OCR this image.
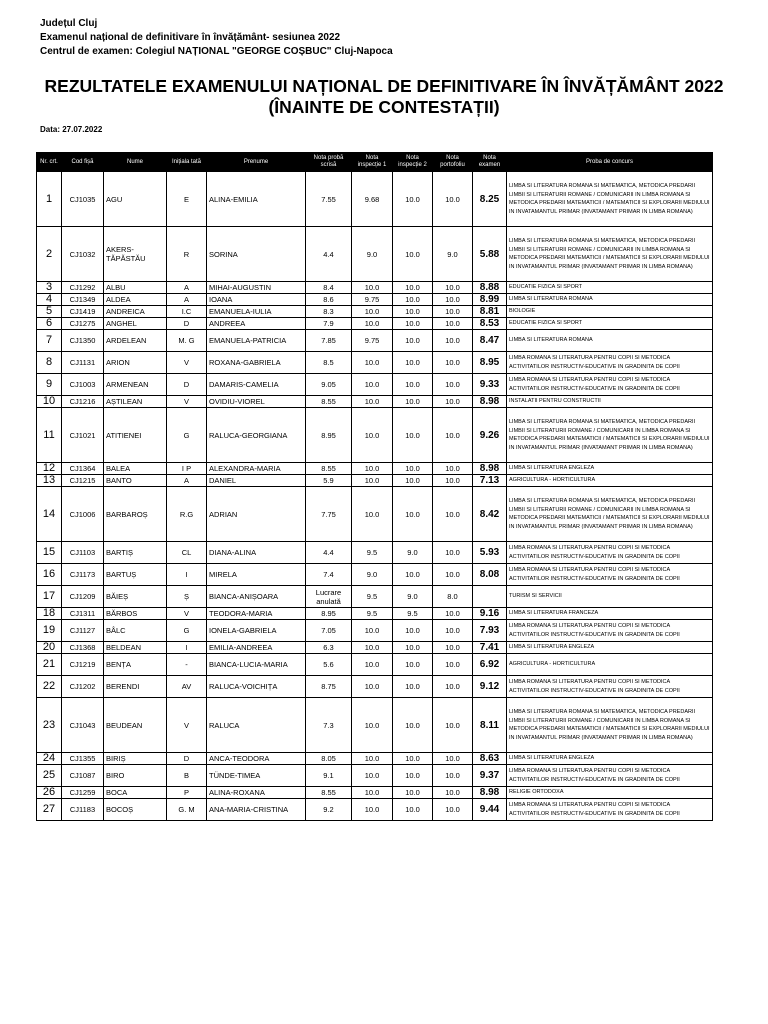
Județul Cluj
Examenul național de definitivare în învățământ- sesiunea 2022
Centrul de examen: Colegiul NAȚIONAL "GEORGE COȘBUC" Cluj-Napoca
REZULTATELE EXAMENULUI NAȚIONAL DE DEFINITIVARE ÎN ÎNVĂȚĂMÂNT 2022
(ÎNAINTE DE CONTESTAȚII)
Data: 27.07.2022
Nr. crt.	Cod fișă	Nume	Inițiala tată	Prenume	Nota probă scrisă	Nota inspecție 1	Nota inspecție 2	Nota portofoliu	Nota examen	Proba de concurs
1	CJ1035	AGU	E	ALINA-EMILIA	7.55	9.68	10.0	10.0	8.25	LIMBA SI LITERATURA ROMANA SI MATEMATICA, METODICA PREDARII LIMBII SI LITERATURII ROMANE / COMUNICARII IN LIMBA ROMANA SI METODICA PREDARII MATEMATICII / MATEMATICII SI EXPLORARII MEDIULUI IN INVATAMANTUL PRIMAR (INVATAMANT PRIMAR IN LIMBA ROMANA)
2	CJ1032	AKERS-TĂPĂSTĂU	R	SORINA	4.4	9.0	10.0	9.0	5.88	LIMBA SI LITERATURA ROMANA SI MATEMATICA, METODICA PREDARII LIMBII SI LITERATURII ROMANE / COMUNICARII IN LIMBA ROMANA SI METODICA PREDARII MATEMATICII / MATEMATICII SI EXPLORARII MEDIULUI IN INVATAMANTUL PRIMAR (INVATAMANT PRIMAR IN LIMBA ROMANA)
3	CJ1292	ALBU	A	MIHAI-AUGUSTIN	8.4	10.0	10.0	10.0	8.88	EDUCATIE FIZICA SI SPORT
4	CJ1349	ALDEA	A	IOANA	8.6	9.75	10.0	10.0	8.99	LIMBA SI LITERATURA ROMANA
5	CJ1419	ANDREICA	I.C	EMANUELA-IULIA	8.3	10.0	10.0	10.0	8.81	BIOLOGIE
6	CJ1275	ANGHEL	D	ANDREEA	7.9	10.0	10.0	10.0	8.53	EDUCATIE FIZICA SI SPORT
7	CJ1350	ARDELEAN	M. G	EMANUELA-PATRICIA	7.85	9.75	10.0	10.0	8.47	LIMBA SI LITERATURA ROMANA
8	CJ1131	ARION	V	ROXANA-GABRIELA	8.5	10.0	10.0	10.0	8.95	LIMBA ROMANA SI LITERATURA PENTRU COPII SI METODICA ACTIVITATILOR INSTRUCTIV-EDUCATIVE IN GRADINITA DE COPII
9	CJ1003	ARMENEAN	D	DAMARIS-CAMELIA	9.05	10.0	10.0	10.0	9.33	LIMBA ROMANA SI LITERATURA PENTRU COPII SI METODICA ACTIVITATILOR INSTRUCTIV-EDUCATIVE IN GRADINITA DE COPII
10	CJ1216	AȘTILEAN	V	OVIDIU-VIOREL	8.55	10.0	10.0	10.0	8.98	INSTALATII PENTRU CONSTRUCTII
11	CJ1021	ATITIENEI	G	RALUCA-GEORGIANA	8.95	10.0	10.0	10.0	9.26	LIMBA SI LITERATURA ROMANA SI MATEMATICA, METODICA PREDARII LIMBII SI LITERATURII ROMANE / COMUNICARII IN LIMBA ROMANA SI METODICA PREDARII MATEMATICII / MATEMATICII SI EXPLORARII MEDIULUI IN INVATAMANTUL PRIMAR (INVATAMANT PRIMAR IN LIMBA ROMANA)
12	CJ1364	BALEA	I P	ALEXANDRA-MARIA	8.55	10.0	10.0	10.0	8.98	LIMBA SI LITERATURA ENGLEZA
13	CJ1215	BANTO	A	DANIEL	5.9	10.0	10.0	10.0	7.13	AGRICULTURA - HORTICULTURA
14	CJ1006	BARBAROȘ	R.G	ADRIAN	7.75	10.0	10.0	10.0	8.42	LIMBA SI LITERATURA ROMANA SI MATEMATICA, METODICA PREDARII LIMBII SI LITERATURII ROMANE / COMUNICARII IN LIMBA ROMANA SI METODICA PREDARII MATEMATICII / MATEMATICII SI EXPLORARII MEDIULUI IN INVATAMANTUL PRIMAR (INVATAMANT PRIMAR IN LIMBA ROMANA)
15	CJ1103	BARTIȘ	CL	DIANA-ALINA	4.4	9.5	9.0	10.0	5.93	LIMBA ROMANA SI LITERATURA PENTRU COPII SI METODICA ACTIVITATILOR INSTRUCTIV-EDUCATIVE IN GRADINITA DE COPII
16	CJ1173	BARTUȘ	I	MIRELA	7.4	9.0	10.0	10.0	8.08	LIMBA ROMANA SI LITERATURA PENTRU COPII SI METODICA ACTIVITATILOR INSTRUCTIV-EDUCATIVE IN GRADINITA DE COPII
17	CJ1209	BĂIEȘ	Ș	BIANCA-ANIȘOARA	Lucrare anulată	9.5	9.0	8.0		TURISM SI SERVICII
18	CJ1311	BĂRBOS	V	TEODORA-MARIA	8.95	9.5	9.5	10.0	9.16	LIMBA SI LITERATURA FRANCEZA
19	CJ1127	BÂLC	G	IONELA-GABRIELA	7.05	10.0	10.0	10.0	7.93	LIMBA ROMANA SI LITERATURA PENTRU COPII SI METODICA ACTIVITATILOR INSTRUCTIV-EDUCATIVE IN GRADINITA DE COPII
20	CJ1368	BELDEAN	I	EMILIA-ANDREEA	6.3	10.0	10.0	10.0	7.41	LIMBA SI LITERATURA ENGLEZA
21	CJ1219	BENȚA	-	BIANCA-LUCIA-MARIA	5.6	10.0	10.0	10.0	6.92	AGRICULTURA - HORTICULTURA
22	CJ1202	BERENDI	AV	RALUCA-VOICHIȚA	8.75	10.0	10.0	10.0	9.12	LIMBA ROMANA SI LITERATURA PENTRU COPII SI METODICA ACTIVITATILOR INSTRUCTIV-EDUCATIVE IN GRADINITA DE COPII
23	CJ1043	BEUDEAN	V	RALUCA	7.3	10.0	10.0	10.0	8.11	LIMBA SI LITERATURA ROMANA SI MATEMATICA, METODICA PREDARII LIMBII SI LITERATURII ROMANE / COMUNICARII IN LIMBA ROMANA SI METODICA PREDARII MATEMATICII / MATEMATICII SI EXPLORARII MEDIULUI IN INVATAMANTUL PRIMAR (INVATAMANT PRIMAR IN LIMBA ROMANA)
24	CJ1355	BIRIȘ	D	ANCA-TEODORA	8.05	10.0	10.0	10.0	8.63	LIMBA SI LITERATURA ENGLEZA
25	CJ1087	BIRO	B	TÜNDE-TIMEA	9.1	10.0	10.0	10.0	9.37	LIMBA ROMANA SI LITERATURA PENTRU COPII SI METODICA ACTIVITATILOR INSTRUCTIV-EDUCATIVE IN GRADINITA DE COPII
26	CJ1259	BOCA	P	ALINA-ROXANA	8.55	10.0	10.0	10.0	8.98	RELIGIE ORTODOXA
27	CJ1183	BOCOȘ	G. M	ANA-MARIA-CRISTINA	9.2	10.0	10.0	10.0	9.44	LIMBA ROMANA SI LITERATURA PENTRU COPII SI METODICA ACTIVITATILOR INSTRUCTIV-EDUCATIVE IN GRADINITA DE COPII
